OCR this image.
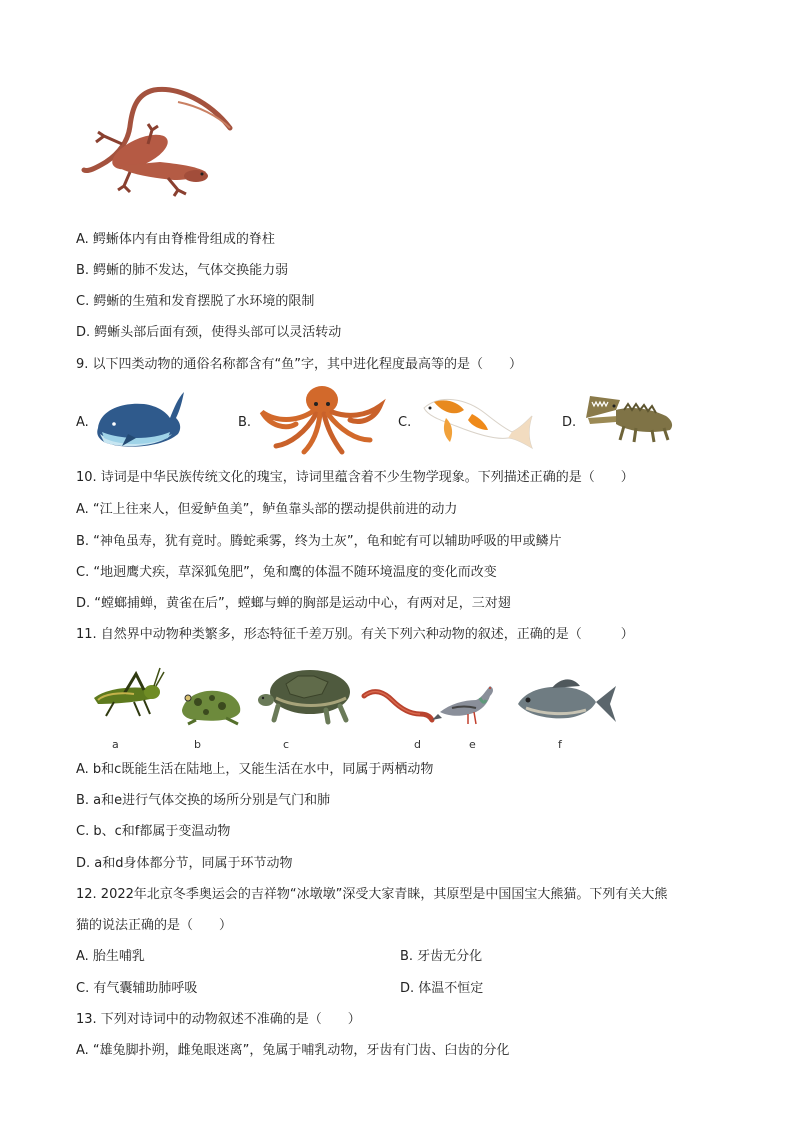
A. 鳄蜥体内有由脊椎骨组成的脊柱
B. 鳄蜥的肺不发达，气体交换能力弱
C. 鳄蜥的生殖和发育摆脱了水环境的限制
D. 鳄蜥头部后面有颈，使得头部可以灵活转动
9. 以下四类动物的通俗名称都含有“鱼”字，其中进化程度最高等的是（　　）
A.	B.	C.	D.
10. 诗词是中华民族传统文化的瑰宝，诗词里蕴含着不少生物学现象。下列描述正确的是（　　）
A. “江上往来人，但爱鲈鱼美”，鲈鱼靠头部的摆动提供前进的动力
B. “神龟虽寿，犹有竟时。腾蛇乘雾，终为土灰”，龟和蛇有可以辅助呼吸的甲或鳞片
C. “地迥鹰犬疾，草深狐兔肥”，兔和鹰的体温不随环境温度的变化而改变
D. “螳螂捕蝉，黄雀在后”，螳螂与蝉的胸部是运动中心，有两对足，三对翅
11. 自然界中动物种类繁多，形态特征千差万别。有关下列六种动物的叙述，正确的是（　　　）
a	b	c	d	e	f
A. b和c既能生活在陆地上，又能生活在水中，同属于两栖动物
B. a和e进行气体交换的场所分别是气门和肺
C. b、c和f都属于变温动物
D. a和d身体都分节，同属于环节动物
12. 2022年北京冬季奥运会的吉祥物“冰墩墩”深受大家青睐，其原型是中国国宝大熊猫。下列有关大熊
猫的说法正确的是（　　）
A. 胎生哺乳	B. 牙齿无分化
C. 有气囊辅助肺呼吸	D. 体温不恒定
13. 下列对诗词中的动物叙述不准确的是（　　）
A. “雄兔脚扑朔，雌兔眼迷离”，兔属于哺乳动物，牙齿有门齿、臼齿的分化
